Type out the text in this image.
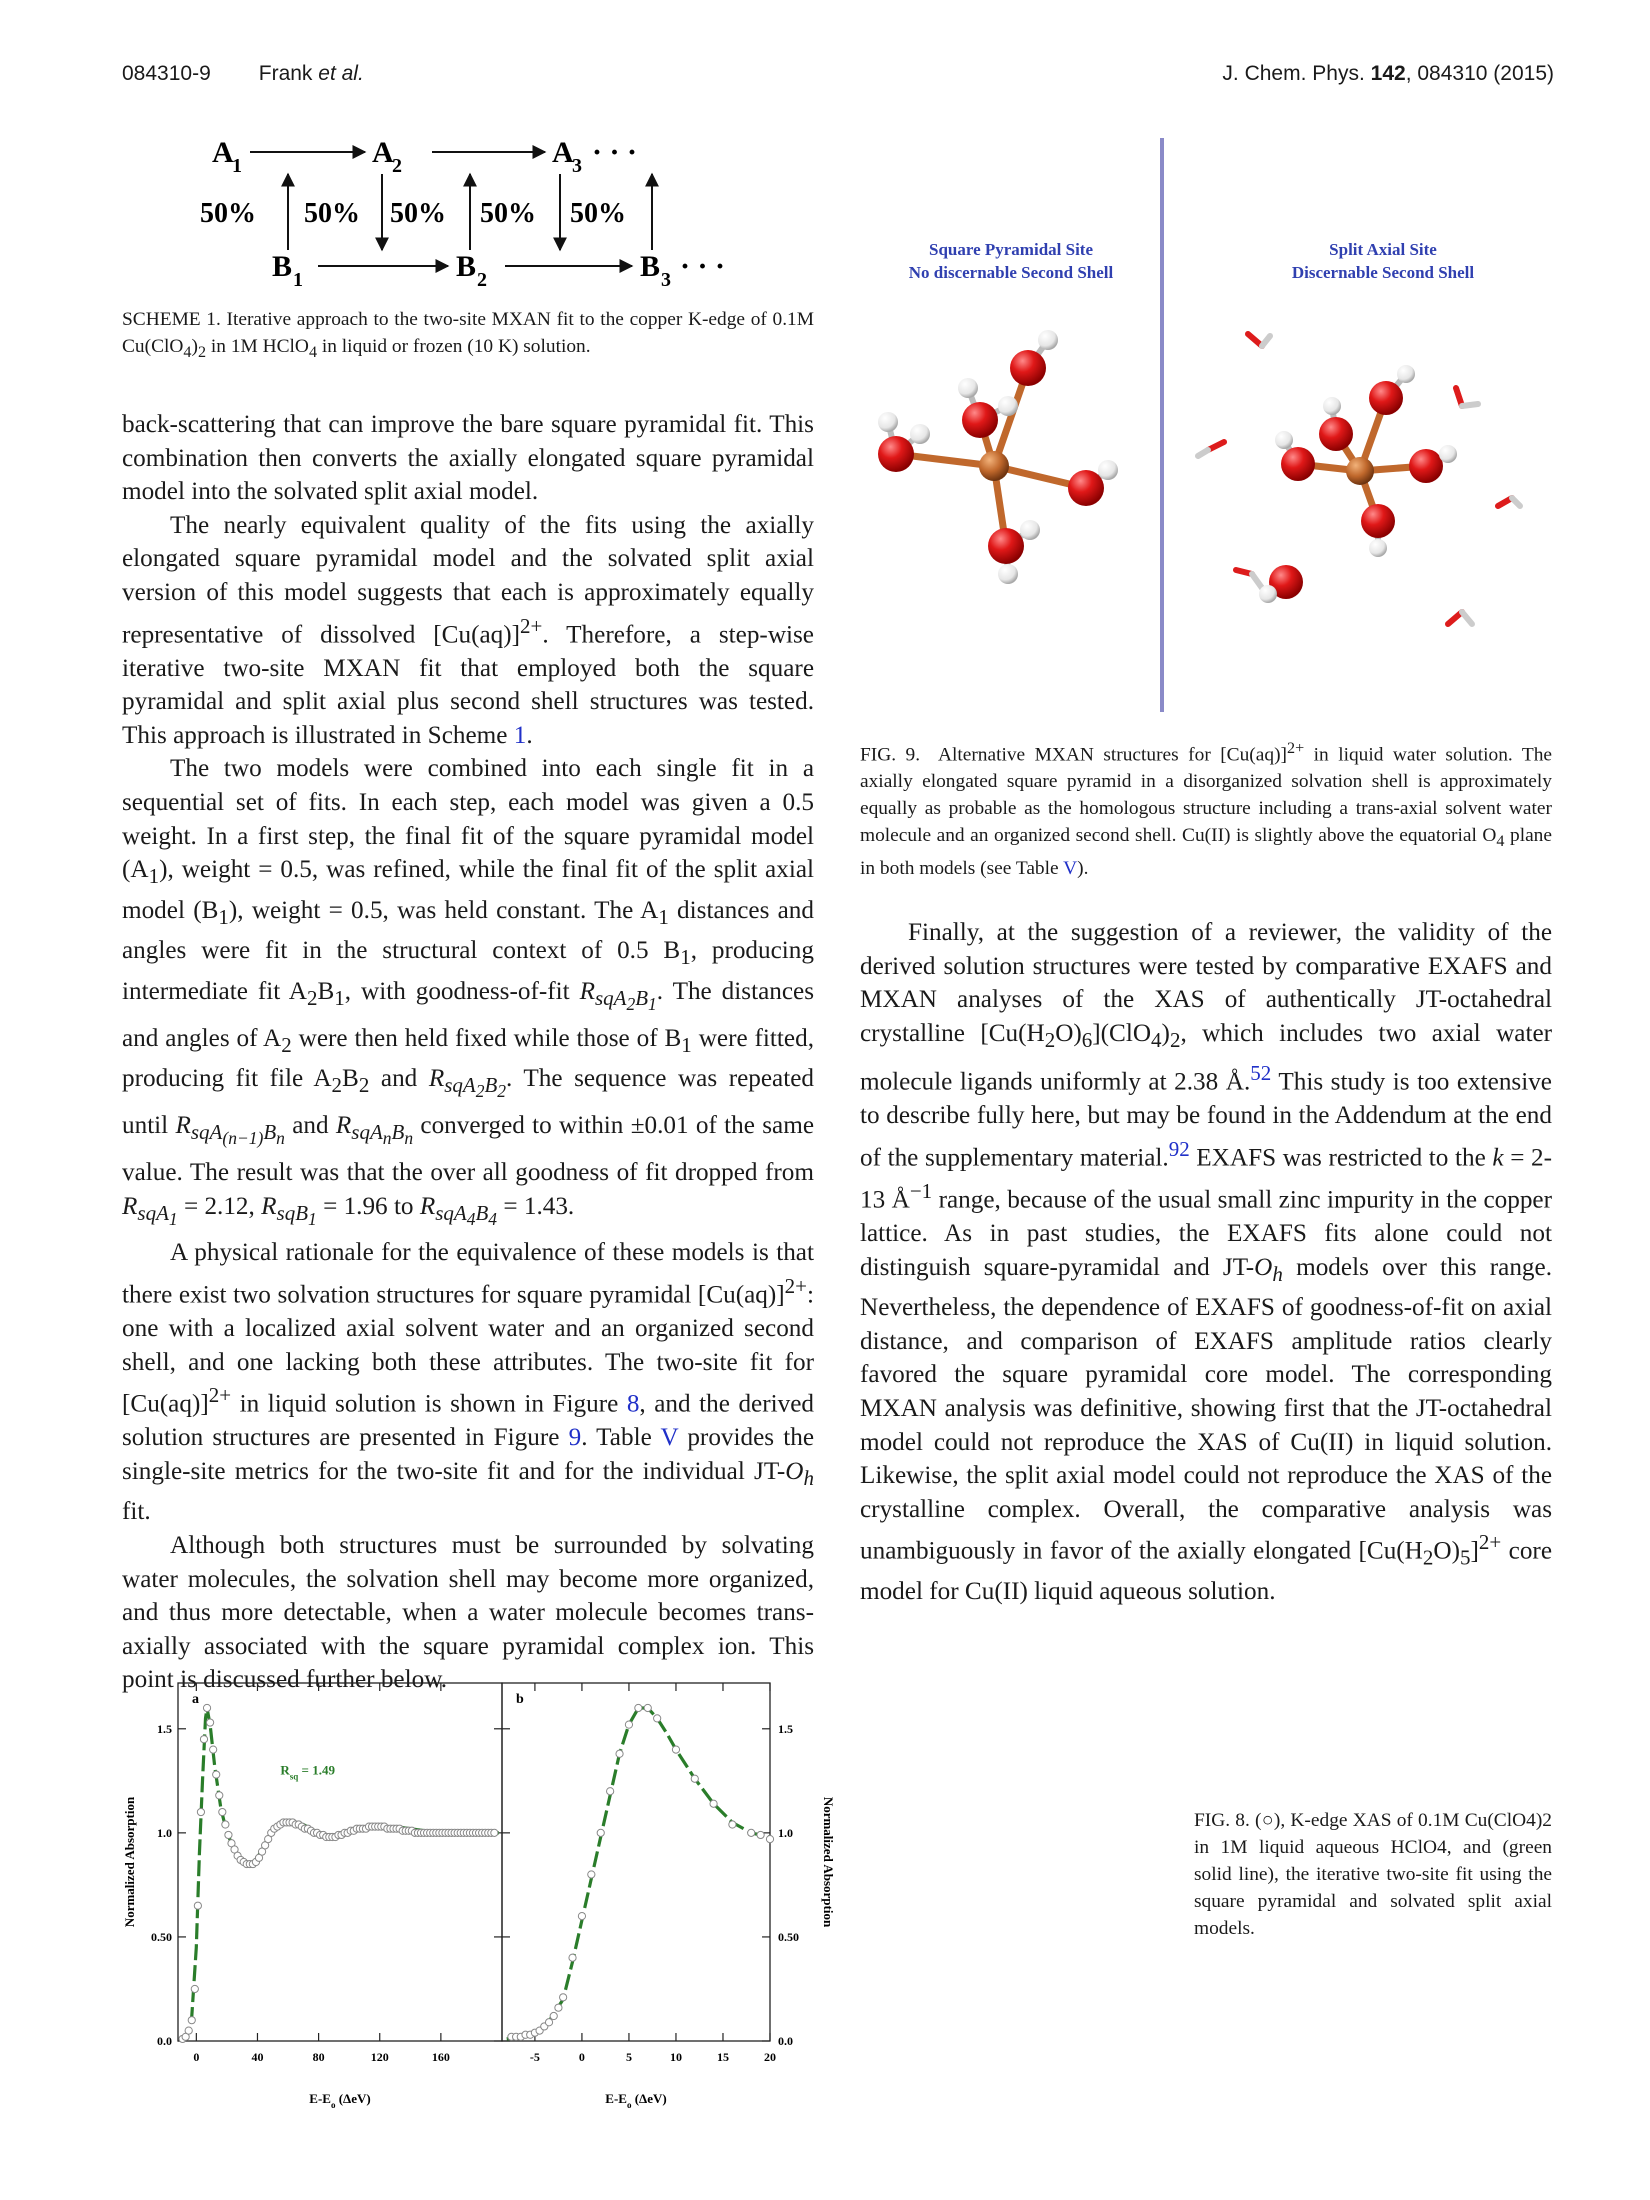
084310-9 Frank et al.	J. Chem. Phys. 142, 084310 (2015)
A
1	A
2	A
3 · · ·
B 1	B 2	B 3 · · ·
50% 50% 50% 50% 50%
SCHEME 1. Iterative approach to the two-site MXAN fit to the copper K-edge of 0.1M $Cu(ClO_4)_2$ in 1M HClO$_4$ in liquid or frozen (10 K) solution.

back-scattering that can improve the bare square pyramidal fit. This combination then converts the axially elongated square pyramidal model into the solvated split axial model.

The nearly equivalent quality of the fits using the axially elongated square pyramidal model and the solvated split axial version of this model suggests that each is approximately equally representative of dissolved $[Cu(aq)]^{2+}$. Therefore, a step-wise iterative two-site MXAN fit that employed both the square pyramidal and split axial plus second shell structures was tested. This approach is illustrated in Scheme 1.

The two models were combined into each single fit in a sequential set of fits. In each step, each model was given a 0.5 weight. In a first step, the final fit of the square pyramidal model $(A_1)$, weight = 0.5, was refined, while the final fit of the split axial model $(B_1)$, weight = 0.5, was held constant. The $A_1$ distances and angles were fit in the structural context of 0.5 $B_1$, producing intermediate fit $A_2B_1$, with goodness-of-fit $R_{sqA_2B_1}$. The distances and angles of $A_2$ were then held fixed while those of $B_1$ were fitted, producing fit file $A_2B_2$ and $R_{sqA_2B_2}$. The sequence was repeated until $R_{sqA_{(n-1)}B_n}$ and $R_{sqA_nB_n}$ converged to within ±0.01 of the same value. The result was that the over all goodness of fit dropped from $R_{sqA_1} = 2.12$, $R_{sqB_1} = 1.96$ to $R_{sqA_4B_4} = 1.43$.

A physical rationale for the equivalence of these models is that there exist two solvation structures for square pyramidal $[Cu(aq)]^{2+}$: one with a localized axial solvent water and an organized second shell, and one lacking both these attributes. The two-site fit for $[Cu(aq)]^{2+}$ in liquid solution is shown in Figure 8, and the derived solution structures are presented in Figure 9. Table V provides the single-site metrics for the two-site fit and for the individual $JT-O_h$ fit.

Although both structures must be surrounded by solvating water molecules, the solvation shell may become more organized, and thus more detectable, when a water molecule becomes trans-axially associated with the square pyramidal complex ion. This point is discussed further below.

Square Pyramidal Site
No discernable Second Shell
Split Axial Site
Discernable Second Shell
FIG. 9. Alternative MXAN structures for $[Cu(aq)]^{2+}$ in liquid water solution. The axially elongated square pyramid in a disorganized solvation shell is approximately equally as probable as the homologous structure including a trans-axial solvent water molecule and an organized second shell. Cu(II) is slightly above the equatorial $O_4$ plane in both models (see Table V).

Finally, at the suggestion of a reviewer, the validity of the derived solution structures were tested by comparative EXAFS and MXAN analyses of the XAS of authentically JT-octahedral crystalline $[Cu(H_2O)_6](ClO_4)_2$, which includes two axial water molecule ligands uniformly at 2.38 Å.$^{52}$ This study is too extensive to describe fully here, but may be found in the Addendum at the end of the supplementary material.$^{92}$ EXAFS was restricted to the k = 2-13 $Å^{-1}$ range, because of the usual small zinc impurity in the copper lattice. As in past studies, the EXAFS fits alone could not distinguish square-pyramidal and $JT-O_h$ models over this range. Nevertheless, the dependence of EXAFS of goodness-of-fit on axial distance, and comparison of EXAFS amplitude ratios clearly favored the square pyramidal core model. The corresponding MXAN analysis was definitive, showing first that the JT-octahedral model could not reproduce the XAS of Cu(II) in liquid solution. Likewise, the split axial model could not reproduce the XAS of the crystalline complex. Overall, the comparative analysis was unambiguously in favor of the axially elongated $[Cu(H_2O)_5]^{2+}$ core model for Cu(II) liquid aqueous solution.

a
0	40	80	120	160
0.0
0.50
1.0
1.5
$E-E_o$ (ΔeV)
Normalized Absorption
$R_{sq} = 1.49$
b
-5	0	5	10	15	20
0.0
0.50
1.0
1.5
$E-E_o$ (ΔeV)
Normalized Absorption	FIG. 8. (○), K-edge XAS of 0.1M Cu(ClO4)2 in 1M liquid aqueous HClO4, and (green solid line), the iterative two-site fit using the square pyramidal and solvated split axial models.
